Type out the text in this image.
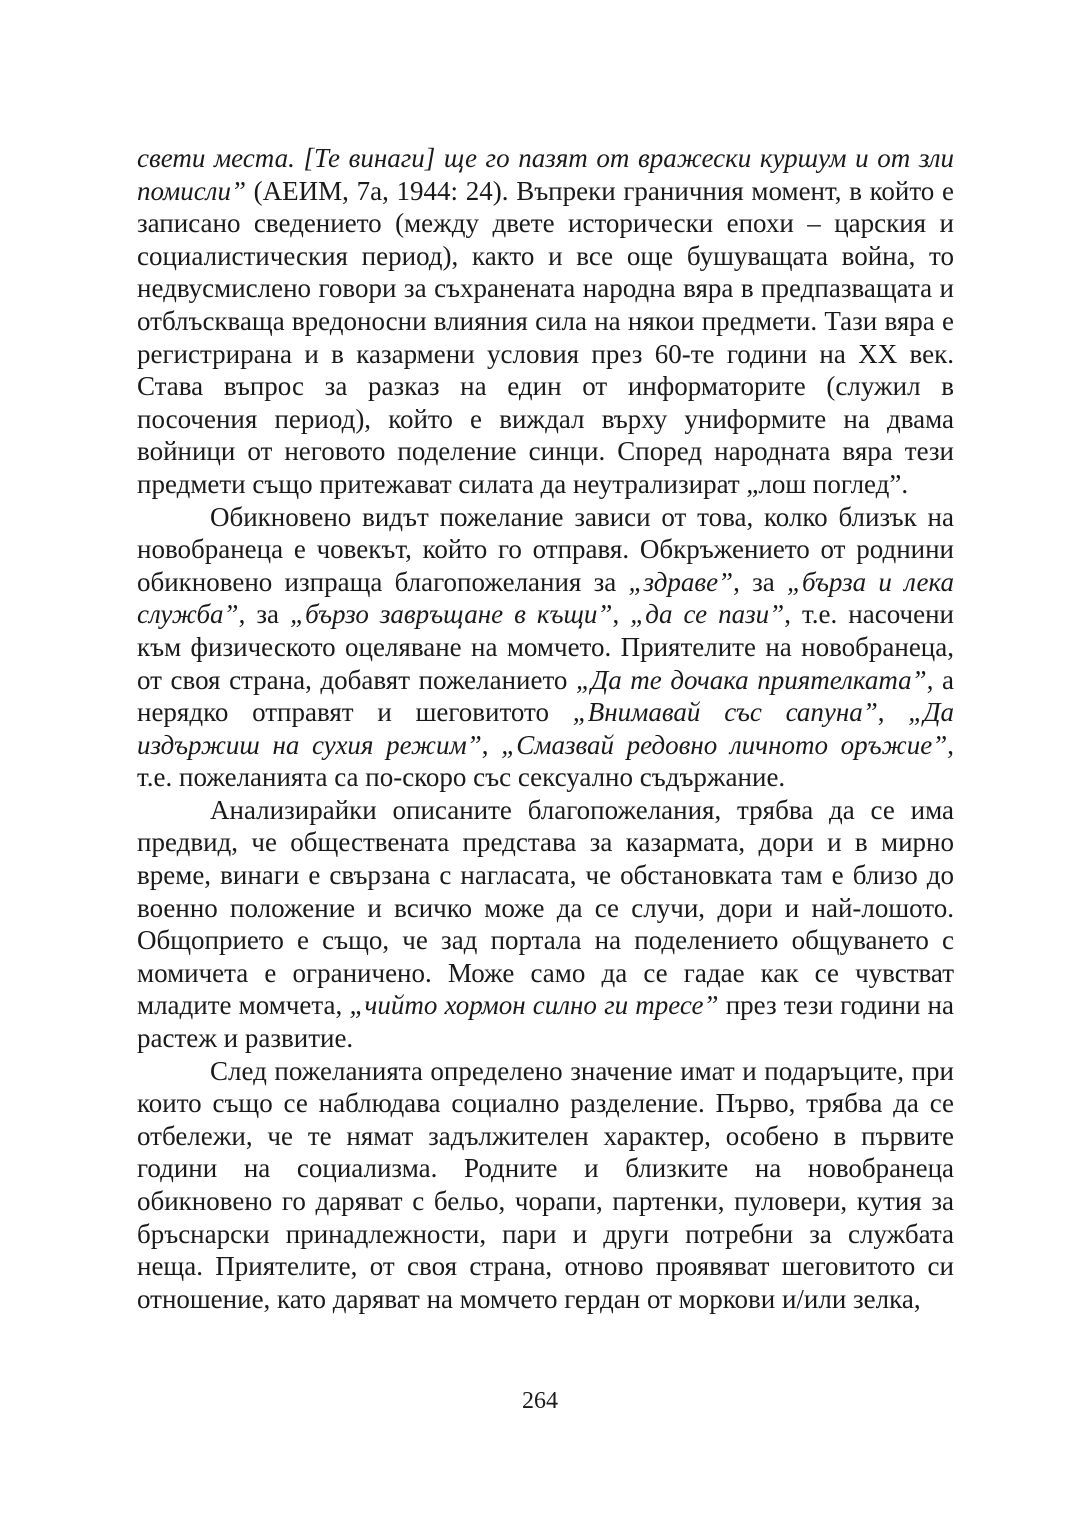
свети места. [Те винаги] ще го пазят от вражески куршум и от зли помисли” (АЕИМ, 7а, 1944: 24). Въпреки граничния момент, в който е записано сведението (между двете исторически епохи – царския и социалистическия период), както и все още бушуващата война, то недвусмислено говори за съхранената народна вяра в предпазващата и отблъскваща вредоносни влияния сила на някои предмети. Тази вяра е регистрирана и в казармени условия през 60-те години на ХХ век. Става въпрос за разказ на един от информаторите (служил в посочения период), който е виждал върху униформите на двама войници от неговото поделение синци. Според народната вяра тези предмети също притежават силата да неутрализират „лош поглед”.

Обикновено видът пожелание зависи от това, колко близък на новобранеца е човекът, който го отправя. Обкръжението от роднини обикновено изпраща благопожелания за „здраве”, за „бърза и лека служба”, за „бързо завръщане в къщи”, „да се пази”, т.е. насочени към физическото оцеляване на момчето. Приятелите на новобранеца, от своя страна, добавят пожеланието „Да те дочака приятелката”, а нерядко отправят и шеговитото „Внимавай със сапуна”, „Да издържиш на сухия режим”, „Смазвай редовно личното оръжие”, т.е. пожеланията са по-скоро със сексуално съдържание.

Анализирайки описаните благопожелания, трябва да се има предвид, че обществената представа за казармата, дори и в мирно време, винаги е свързана с нагласата, че обстановката там е близо до военно положение и всичко може да се случи, дори и най-лошото. Общоприето е също, че зад портала на поделението общуването с момичета е ограничено. Може само да се гадае как се чувстват младите момчета, „чийто хормон силно ги тресе” през тези години на растеж и развитие.

След пожеланията определено значение имат и подаръците, при които също се наблюдава социално разделение. Първо, трябва да се отбележи, че те нямат задължителен характер, особено в първите години на социализма. Родните и близките на новобранеца обикновено го даряват с бельо, чорапи, партенки, пуловери, кутия за бръснарски принадлежности, пари и други потребни за службата неща. Приятелите, от своя страна, отново проявяват шеговитото си отношение, като даряват на момчето гердан от моркови и/или зелка,

264
